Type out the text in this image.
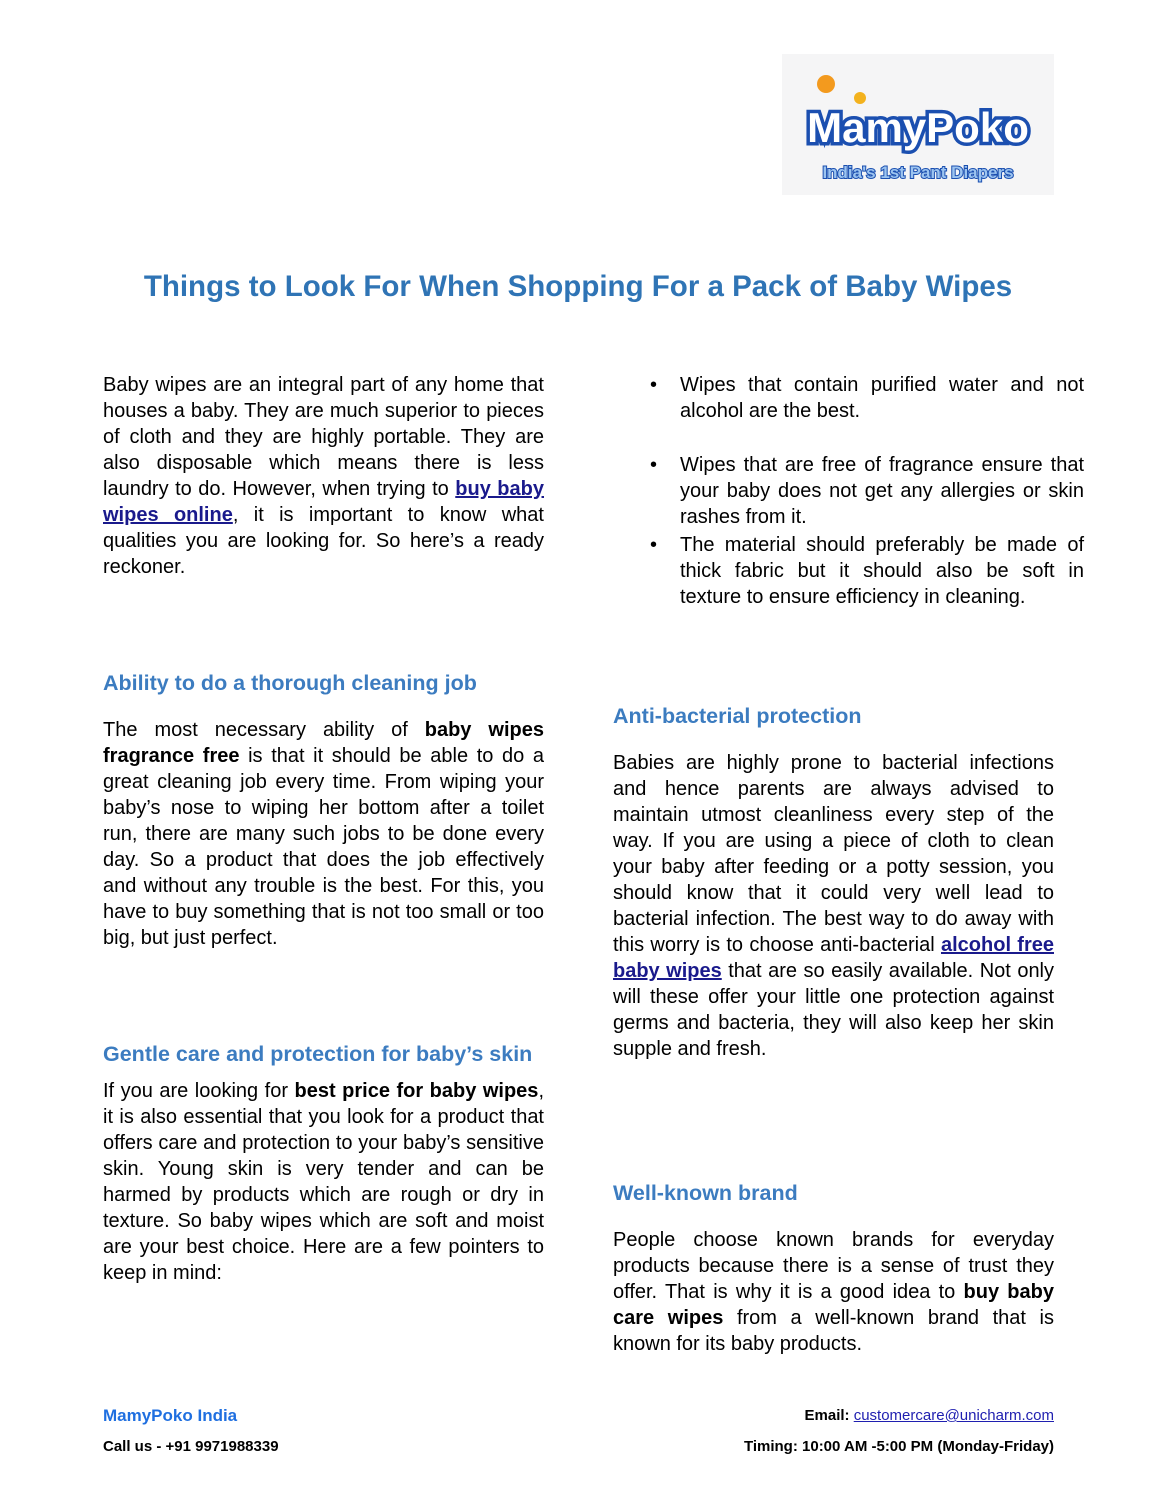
MamyPoko
India's 1st Pant Diapers
Things to Look For When Shopping For a Pack of Baby Wipes

Baby wipes are an integral part of any home that houses a baby. They are much superior to pieces of cloth and they are highly portable. They are also disposable which means there is less laundry to do. However, when trying to buy baby wipes online, it is important to know what qualities you are looking for. So here’s a ready reckoner.

Ability to do a thorough cleaning job

The most necessary ability of baby wipes fragrance free is that it should be able to do a great cleaning job every time. From wiping your baby’s nose to wiping her bottom after a toilet run, there are many such jobs to be done every day. So a product that does the job effectively and without any trouble is the best. For this, you have to buy something that is not too small or too big, but just perfect.

Gentle care and protection for baby’s skin

If you are looking for best price for baby wipes, it is also essential that you look for a product that offers care and protection to your baby’s sensitive skin. Young skin is very tender and can be harmed by products which are rough or dry in texture. So baby wipes which are soft and moist are your best choice. Here are a few pointers to keep in mind:

• Wipes that contain purified water and not alcohol are the best.
• Wipes that are free of fragrance ensure that your baby does not get any allergies or skin rashes from it.
• The material should preferably be made of thick fabric but it should also be soft in texture to ensure efficiency in cleaning.
Anti-bacterial protection

Babies are highly prone to bacterial infections and hence parents are always advised to maintain utmost cleanliness every step of the way. If you are using a piece of cloth to clean your baby after feeding or a potty session, you should know that it could very well lead to bacterial infection. The best way to do away with this worry is to choose anti-bacterial alcohol free baby wipes that are so easily available. Not only will these offer your little one protection against germs and bacteria, they will also keep her skin supple and fresh.

Well-known brand

People choose known brands for everyday products because there is a sense of trust they offer. That is why it is a good idea to buy baby care wipes from a well-known brand that is known for its baby products.

MamyPoko India
Call us - +91 9971988339
Email: customercare@unicharm.com
Timing: 10:00 AM -5:00 PM (Monday-Friday)
